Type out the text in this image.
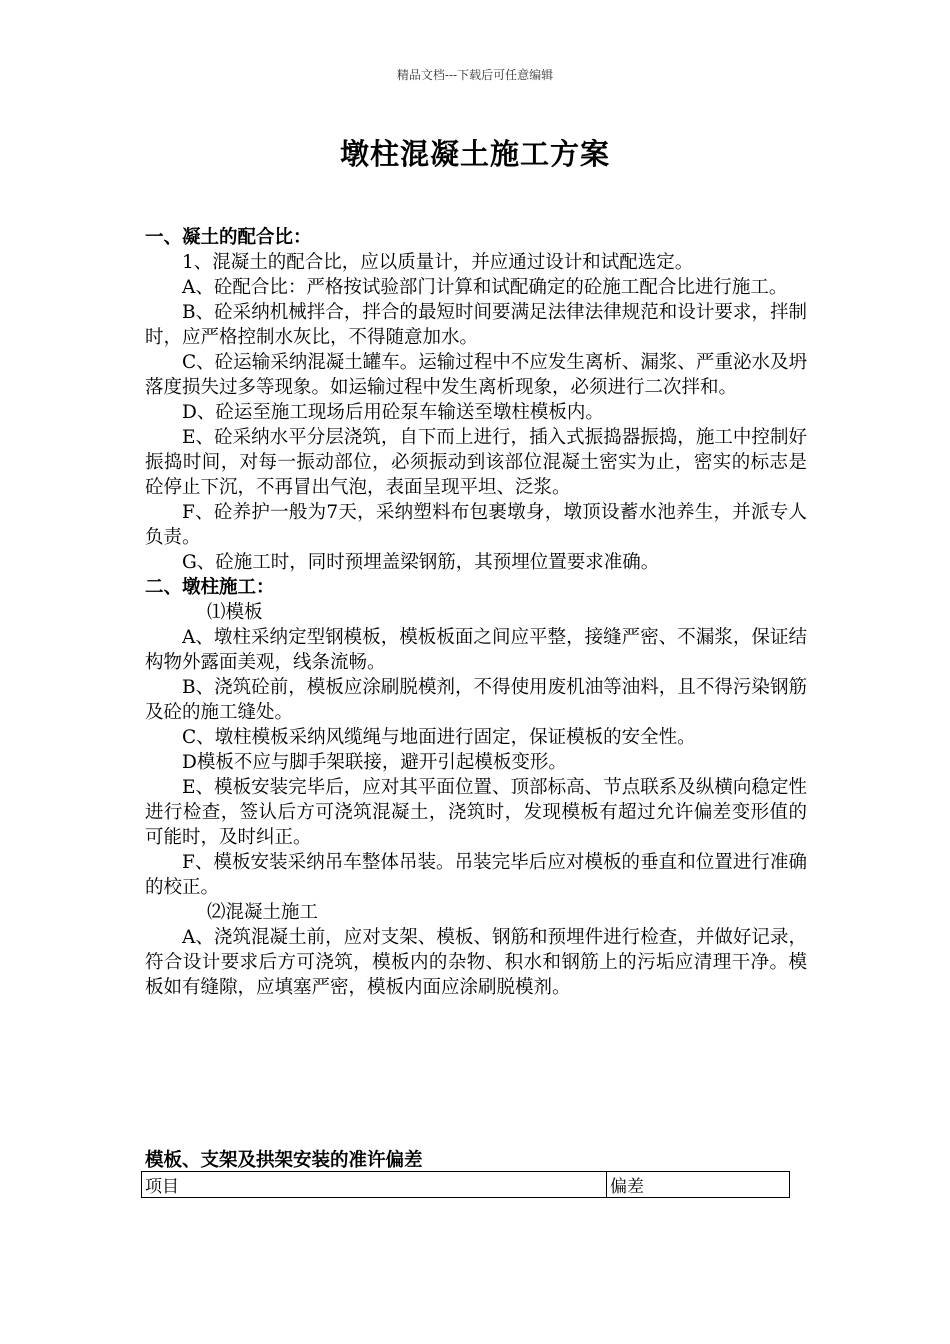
精品文档---下载后可任意编辑
墩柱混凝土施工方案

一、凝土的配合比：

1、混凝土的配合比，应以质量计，并应通过设计和试配选定。

A、砼配合比：严格按试验部门计算和试配确定的砼施工配合比进行施工。

B、砼采纳机械拌合，拌合的最短时间要满足法律法律规范和设计要求，拌制时，应严格控制水灰比，不得随意加水。

C、砼运输采纳混凝土罐车。运输过程中不应发生离析、漏浆、严重泌水及坍落度损失过多等现象。如运输过程中发生离析现象，必须进行二次拌和。

D、砼运至施工现场后用砼泵车输送至墩柱模板内。

E、砼采纳水平分层浇筑，自下而上进行，插入式振捣器振捣，施工中控制好振捣时间，对每一振动部位，必须振动到该部位混凝土密实为止，密实的标志是砼停止下沉，不再冒出气泡，表面呈现平坦、泛浆。

F、砼养护一般为7天，采纳塑料布包裹墩身，墩顶设蓄水池养生，并派专人负责。

G、砼施工时，同时预埋盖梁钢筋，其预埋位置要求准确。

二、墩柱施工：

⑴模板

A、墩柱采纳定型钢模板，模板板面之间应平整，接缝严密、不漏浆，保证结构物外露面美观，线条流畅。

B、浇筑砼前，模板应涂刷脱模剂，不得使用废机油等油料，且不得污染钢筋及砼的施工缝处。

C、墩柱模板采纳风缆绳与地面进行固定，保证模板的安全性。

D模板不应与脚手架联接，避开引起模板变形。

E、模板安装完毕后，应对其平面位置、顶部标高、节点联系及纵横向稳定性进行检查，签认后方可浇筑混凝土，浇筑时，发现模板有超过允许偏差变形值的可能时，及时纠正。

F、模板安装采纳吊车整体吊装。吊装完毕后应对模板的垂直和位置进行准确的校正。

⑵混凝土施工

A、浇筑混凝土前，应对支架、模板、钢筋和预埋件进行检查，并做好记录，符合设计要求后方可浇筑，模板内的杂物、积水和钢筋上的污垢应清理干净。模板如有缝隙，应填塞严密，模板内面应涂刷脱模剂。

模板、支架及拱架安装的准许偏差
项目	偏差
